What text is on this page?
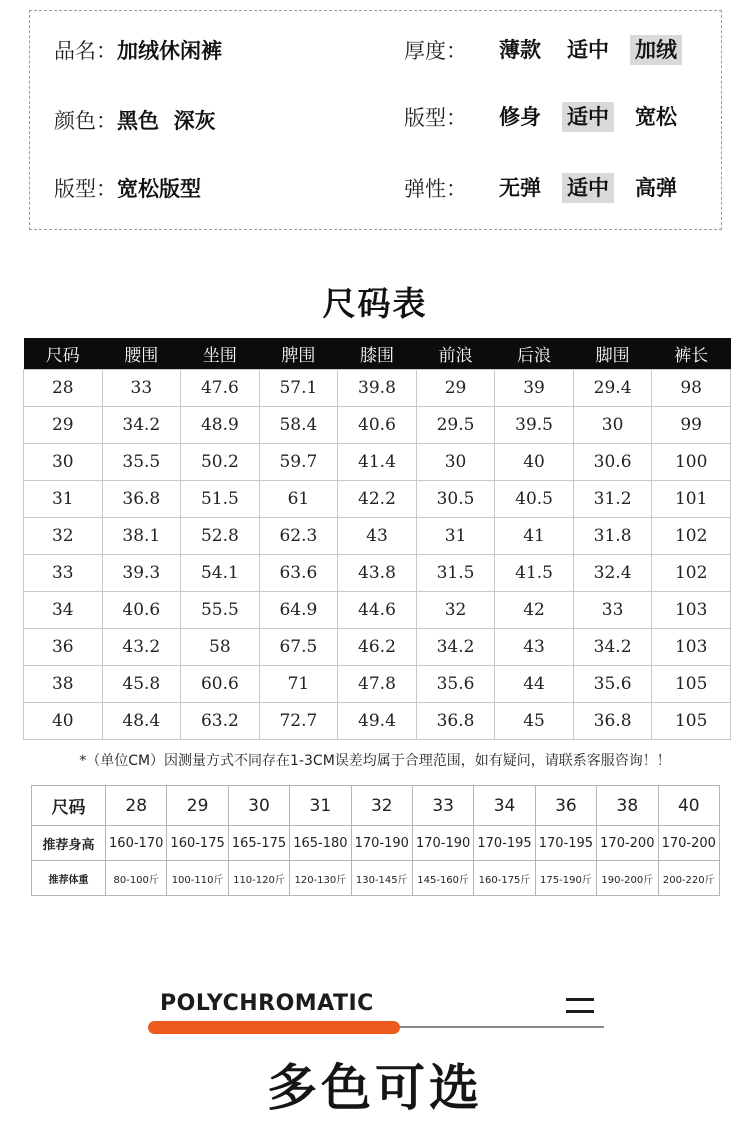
品名： 加绒休闲裤
颜色： 黑色  深灰
版型： 宽松版型
厚度：	薄款 适中 加绒
版型：	修身 适中 宽松
弹性：	无弹 适中 高弹
尺码表
尺码	腰围	坐围	脾围	膝围	前浪	后浪	脚围	裤长
28	33	47.6	57.1	39.8	29	39	29.4	98
29	34.2	48.9	58.4	40.6	29.5	39.5	30	99
30	35.5	50.2	59.7	41.4	30	40	30.6	100
31	36.8	51.5	61	42.2	30.5	40.5	31.2	101
32	38.1	52.8	62.3	43	31	41	31.8	102
33	39.3	54.1	63.6	43.8	31.5	41.5	32.4	102
34	40.6	55.5	64.9	44.6	32	42	33	103
36	43.2	58	67.5	46.2	34.2	43	34.2	103
38	45.8	60.6	71	47.8	35.6	44	35.6	105
40	48.4	63.2	72.7	49.4	36.8	45	36.8	105
*（单位CM）因测量方式不同存在1-3CM误差均属于合理范围，如有疑问，请联系客服咨询！！
尺码	28	29	30	31	32	33	34	36	38	40
推荐身高	160-170	160-175	165-175	165-180	170-190	170-190	170-195	170-195	170-200	170-200
推荐体重	80-100斤	100-110斤	110-120斤	120-130斤	130-145斤	145-160斤	160-175斤	175-190斤	190-200斤	200-220斤
POLYCHROMATIC
多色可选
